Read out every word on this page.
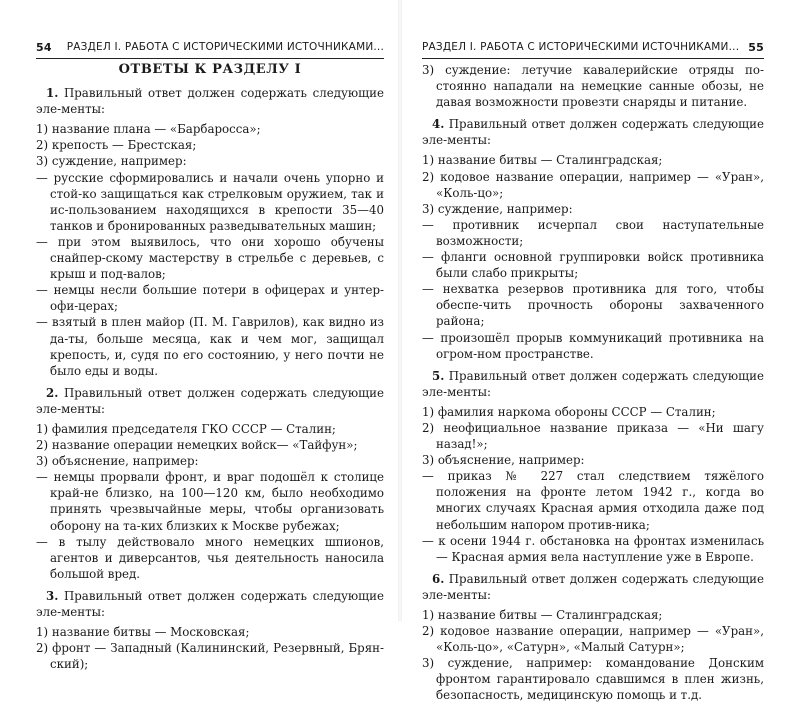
54 РАЗДЕЛ I. РАБОТА С ИСТОРИЧЕСКИМИ ИСТОЧНИКАМИ...

ОТВЕТЫ К РАЗДЕЛУ I

1. Правильный ответ должен содержать следующие эле-менты:

1) название плана — «Барбаросса»;

2) крепость — Брестская;

3) суждение, например:

— русские сформировались и начали очень упорно и стой-ко защищаться как стрелковым оружием, так и ис-пользованием находящихся в крепости 35—40 танков и бронированных разведывательных машин;

— при этом выявилось, что они хорошо обучены снайпер-скому мастерству в стрельбе с деревьев, с крыш и под-валов;

— немцы несли большие потери в офицерах и унтер-офи-церах;

— взятый в плен майор (П. М. Гаврилов), как видно из да-ты, больше месяца, как и чем мог, защищал крепость, и, судя по его состоянию, у него почти не было еды и воды.

2. Правильный ответ должен содержать следующие эле-менты:

1) фамилия председателя ГКО СССР — Сталин;

2) название операции немецких войск— «Тайфун»;

3) объяснение, например:

— немцы прорвали фронт, и враг подошёл к столице край-не близко, на 100—120 км, было необходимо принять чрезвычайные меры, чтобы организовать оборону на та-ких близких к Москве рубежах;

— в тылу действовало много немецких шпионов, агентов и диверсантов, чья деятельность наносила большой вред.

3. Правильный ответ должен содержать следующие эле-менты:

1) название битвы — Московская;

2) фронт — Западный (Калининский, Резервный, Брян-ский);

РАЗДЕЛ I. РАБОТА С ИСТОРИЧЕСКИМИ ИСТОЧНИКАМИ... 55

3) суждение: летучие кавалерийские отряды по-стоянно нападали на немецкие санные обозы, не давая возможности провезти снаряды и питание.

4. Правильный ответ должен содержать следующие эле-менты:

1) название битвы — Сталинградская;

2) кодовое название операции, например — «Уран», «Коль-цо»;

3) суждение, например:

— противник исчерпал свои наступательные возможности;

— фланги основной группировки войск противника были слабо прикрыты;

— нехватка резервов противника для того, чтобы обеспе-чить прочность обороны захваченного района;

— произошёл прорыв коммуникаций противника на огром-ном пространстве.

5. Правильный ответ должен содержать следующие эле-менты:

1) фамилия наркома обороны СССР — Сталин;

2) неофициальное название приказа — «Ни шагу назад!»;

3) объяснение, например:

— приказ № 227 стал следствием тяжёлого положения на фронте летом 1942 г., когда во многих случаях Красная армия отходила даже под небольшим напором против-ника;

— к осени 1944 г. обстановка на фронтах изменилась — Красная армия вела наступление уже в Европе.

6. Правильный ответ должен содержать следующие эле-менты:

1) название битвы — Сталинградская;

2) кодовое название операции, например — «Уран», «Коль-цо», «Сатурн», «Малый Сатурн»;

3) суждение, например: командование Донским фронтом гарантировало сдавшимся в плен жизнь, безопасность, медицинскую помощь и т.д.
